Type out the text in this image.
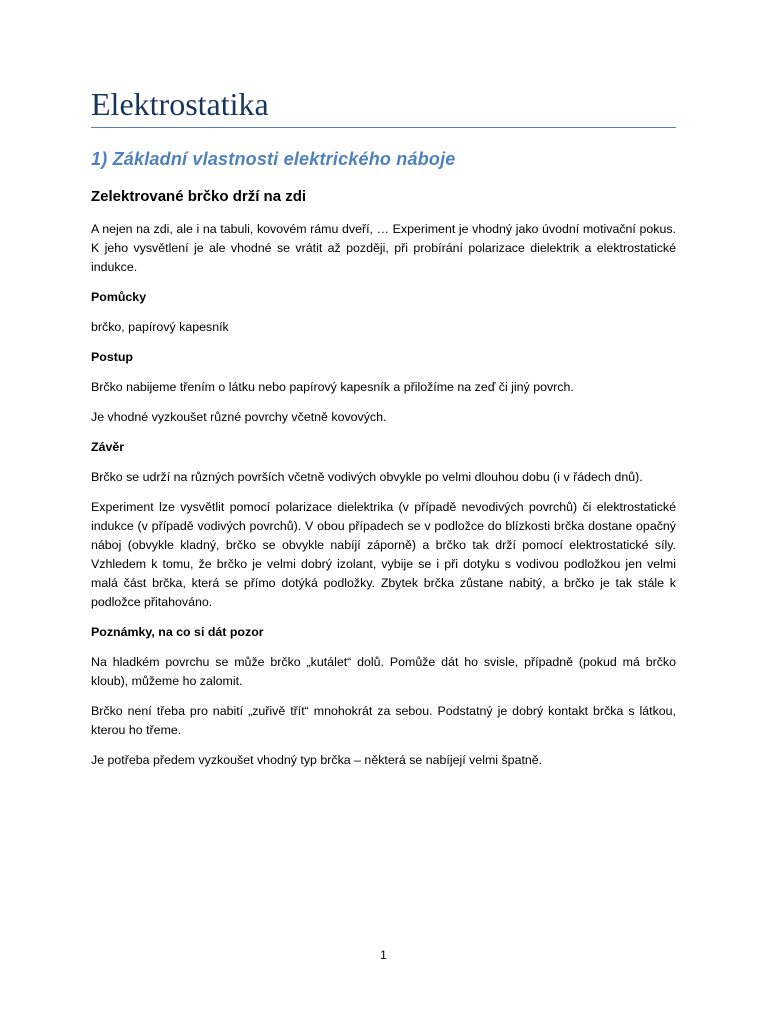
Elektrostatika
1) Základní vlastnosti elektrického náboje
Zelektrované brčko drží na zdi

A nejen na zdi, ale i na tabuli, kovovém rámu dveří, … Experiment je vhodný jako úvodní motivační pokus. K jeho vysvětlení je ale vhodné se vrátit až později, při probírání polarizace dielektrik a elektrostatické indukce.

Pomůcky

brčko, papírový kapesník

Postup

Brčko nabijeme třením o látku nebo papírový kapesník a přiložíme na zeď či jiný povrch.

Je vhodné vyzkoušet různé povrchy včetně kovových.

Závěr

Brčko se udrží na různých površích včetně vodivých obvykle po velmi dlouhou dobu (i v řádech dnů).

Experiment lze vysvětlit pomocí polarizace dielektrika (v případě nevodivých povrchů) či elektrostatické indukce (v případě vodivých povrchů). V obou případech se v podložce do blízkosti brčka dostane opačný náboj (obvykle kladný, brčko se obvykle nabíjí záporně) a brčko tak drží pomocí elektrostatické síly. Vzhledem k tomu, že brčko je velmi dobrý izolant, vybije se i při dotyku s vodivou podložkou jen velmi malá část brčka, která se přímo dotýká podložky. Zbytek brčka zůstane nabitý, a brčko je tak stále k podložce přitahováno.

Poznámky, na co si dát pozor

Na hladkém povrchu se může brčko „kutálet“ dolů. Pomůže dát ho svisle, případně (pokud má brčko kloub), můžeme ho zalomit.

Brčko není třeba pro nabití „zuřivě třít“ mnohokrát za sebou. Podstatný je dobrý kontakt brčka s látkou, kterou ho třeme.

Je potřeba předem vyzkoušet vhodný typ brčka – některá se nabíjejí velmi špatně.

1
